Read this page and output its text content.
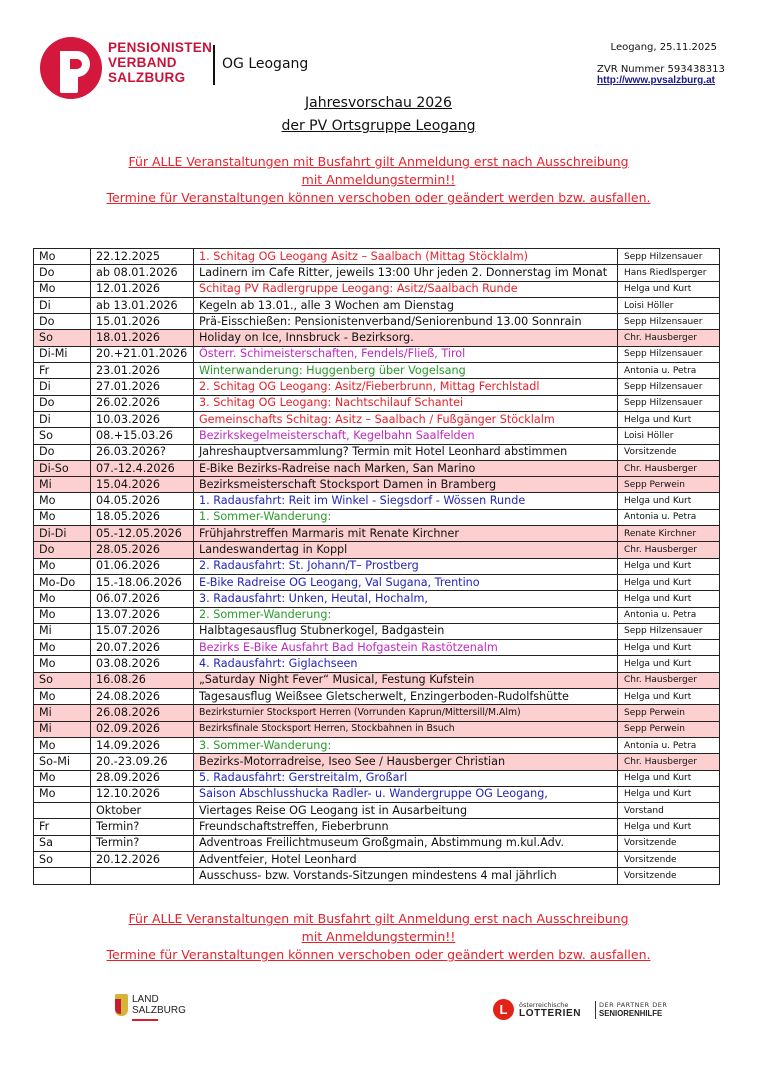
PENSIONISTEN
VERBAND
SALZBURG
OG Leogang
Leogang, 25.11.2025
ZVR Nummer 593438313
http://www.pvsalzburg.at
Jahresvorschau 2026
der PV Ortsgruppe Leogang
Für ALLE Veranstaltungen mit Busfahrt gilt Anmeldung erst nach Ausschreibung
mit Anmeldungstermin!!
Termine für Veranstaltungen können verschoben oder geändert werden bzw. ausfallen.
Mo	22.12.2025	1. Schitag OG Leogang Asitz – Saalbach (Mittag Stöcklalm)	Sepp Hilzensauer
Do	ab 08.01.2026	Ladinern im Cafe Ritter, jeweils 13:00 Uhr jeden 2. Donnerstag im Monat	Hans Riedlsperger
Mo	12.01.2026	Schitag PV Radlergruppe Leogang: Asitz/Saalbach Runde	Helga und Kurt
Di	ab 13.01.2026	Kegeln ab 13.01., alle 3 Wochen am Dienstag	Loisi Höller
Do	15.01.2026	Prä-Eisschießen: Pensionistenverband/Seniorenbund 13.00 Sonnrain	Sepp Hilzensauer
So	18.01.2026	Holiday on Ice, Innsbruck - Bezirksorg.	Chr. Hausberger
Di-Mi	20.+21.01.2026	Österr. Schimeisterschaften, Fendels/Fließ, Tirol	Sepp Hilzensauer
Fr	23.01.2026	Winterwanderung: Huggenberg über Vogelsang	Antonia u. Petra
Di	27.01.2026	2. Schitag OG Leogang: Asitz/Fieberbrunn, Mittag Ferchlstadl	Sepp Hilzensauer
Do	26.02.2026	3. Schitag OG Leogang: Nachtschilauf Schantei	Sepp Hilzensauer
Di	10.03.2026	Gemeinschafts Schitag: Asitz – Saalbach / Fußgänger Stöcklalm	Helga und Kurt
So	08.+15.03.26	Bezirkskegelmeisterschaft, Kegelbahn Saalfelden	Loisi Höller
Do	26.03.2026?	Jahreshauptversammlung? Termin mit Hotel Leonhard abstimmen	Vorsitzende
Di-So	07.-12.4.2026	E-Bike Bezirks-Radreise nach Marken, San Marino	Chr. Hausberger
Mi	15.04.2026	Bezirksmeisterschaft Stocksport Damen in Bramberg	Sepp Perwein
Mo	04.05.2026	1. Radausfahrt: Reit im Winkel - Siegsdorf - Wössen Runde	Helga und Kurt
Mo	18.05.2026	1. Sommer-Wanderung:	Antonia u. Petra
Di-Di	05.-12.05.2026	Frühjahrstreffen Marmaris mit Renate Kirchner	Renate Kirchner
Do	28.05.2026	Landeswandertag in Koppl	Chr. Hausberger
Mo	01.06.2026	2. Radausfahrt: St. Johann/T– Prostberg	Helga und Kurt
Mo-Do	15.-18.06.2026	E-Bike Radreise OG Leogang, Val Sugana, Trentino	Helga und Kurt
Mo	06.07.2026	3. Radausfahrt: Unken, Heutal, Hochalm,	Helga und Kurt
Mo	13.07.2026	2. Sommer-Wanderung:	Antonia u. Petra
Mi	15.07.2026	Halbtagesausflug Stubnerkogel, Badgastein	Sepp Hilzensauer
Mo	20.07.2026	Bezirks E-Bike Ausfahrt Bad Hofgastein Rastötzenalm	Helga und Kurt
Mo	03.08.2026	4. Radausfahrt: Giglachseen	Helga und Kurt
So	16.08.26	„Saturday Night Fever“ Musical, Festung Kufstein	Chr. Hausberger
Mo	24.08.2026	Tagesausflug Weißsee Gletscherwelt, Enzingerboden-Rudolfshütte	Helga und Kurt
Mi	26.08.2026	Bezirksturnier Stocksport Herren (Vorrunden Kaprun/Mittersill/M.Alm)	Sepp Perwein
Mi	02.09.2026	Bezirksfinale Stocksport Herren, Stockbahnen in Bsuch	Sepp Perwein
Mo	14.09.2026	3. Sommer-Wanderung:	Antonia u. Petra
So-Mi	20.-23.09.26	Bezirks-Motorradreise, Iseo See / Hausberger Christian	Chr. Hausberger
Mo	28.09.2026	5. Radausfahrt: Gerstreitalm, Großarl	Helga und Kurt
Mo	12.10.2026	Saison Abschlusshucka Radler- u. Wandergruppe OG Leogang,	Helga und Kurt
	Oktober	Viertages Reise OG Leogang ist in Ausarbeitung	Vorstand
Fr	Termin?	Freundschaftstreffen, Fieberbrunn	Helga und Kurt
Sa	Termin?	Adventroas Freilichtmuseum Großgmain, Abstimmung m.kul.Adv.	Vorsitzende
So	20.12.2026	Adventfeier, Hotel Leonhard	Vorsitzende
		Ausschuss- bzw. Vorstands-Sitzungen mindestens 4 mal jährlich	Vorsitzende
Für ALLE Veranstaltungen mit Busfahrt gilt Anmeldung erst nach Ausschreibung
mit Anmeldungstermin!!
Termine für Veranstaltungen können verschoben oder geändert werden bzw. ausfallen.
LAND
SALZBURG	L	österreichische
LOTTERIEN
DER PARTNER DER
SENIORENHILFE
